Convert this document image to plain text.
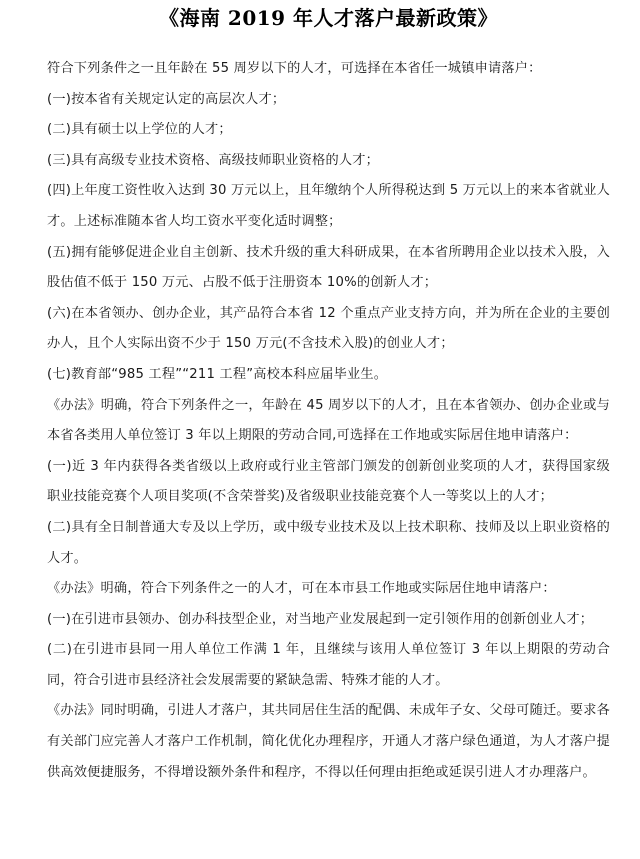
《海南 2019 年人才落户最新政策》

符合下列条件之一且年龄在 55 周岁以下的人才，可选择在本省任一城镇申请落户：

(一)按本省有关规定认定的高层次人才；

(二)具有硕士以上学位的人才；

(三)具有高级专业技术资格、高级技师职业资格的人才；

(四)上年度工资性收入达到 30 万元以上，且年缴纳个人所得税达到 5 万元以上的来本省就业人才。上述标准随本省人均工资水平变化适时调整；

(五)拥有能够促进企业自主创新、技术升级的重大科研成果，在本省所聘用企业以技术入股，入股估值不低于 150 万元、占股不低于注册资本 10%的创新人才；

(六)在本省领办、创办企业，其产品符合本省 12 个重点产业支持方向，并为所在企业的主要创办人，且个人实际出资不少于 150 万元(不含技术入股)的创业人才；

(七)教育部“985 工程”“211 工程”高校本科应届毕业生。

《办法》明确，符合下列条件之一，年龄在 45 周岁以下的人才，且在本省领办、创办企业或与本省各类用人单位签订 3 年以上期限的劳动合同,可选择在工作地或实际居住地申请落户：

(一)近 3 年内获得各类省级以上政府或行业主管部门颁发的创新创业奖项的人才，获得国家级职业技能竞赛个人项目奖项(不含荣誉奖)及省级职业技能竞赛个人一等奖以上的人才；

(二)具有全日制普通大专及以上学历，或中级专业技术及以上技术职称、技师及以上职业资格的人才。

《办法》明确，符合下列条件之一的人才，可在本市县工作地或实际居住地申请落户：

(一)在引进市县领办、创办科技型企业，对当地产业发展起到一定引领作用的创新创业人才；

(二)在引进市县同一用人单位工作满 1 年，且继续与该用人单位签订 3 年以上期限的劳动合同，符合引进市县经济社会发展需要的紧缺急需、特殊才能的人才。

《办法》同时明确，引进人才落户，其共同居住生活的配偶、未成年子女、父母可随迁。要求各有关部门应完善人才落户工作机制，简化优化办理程序，开通人才落户绿色通道，为人才落户提供高效便捷服务，不得增设额外条件和程序，不得以任何理由拒绝或延误引进人才办理落户。
